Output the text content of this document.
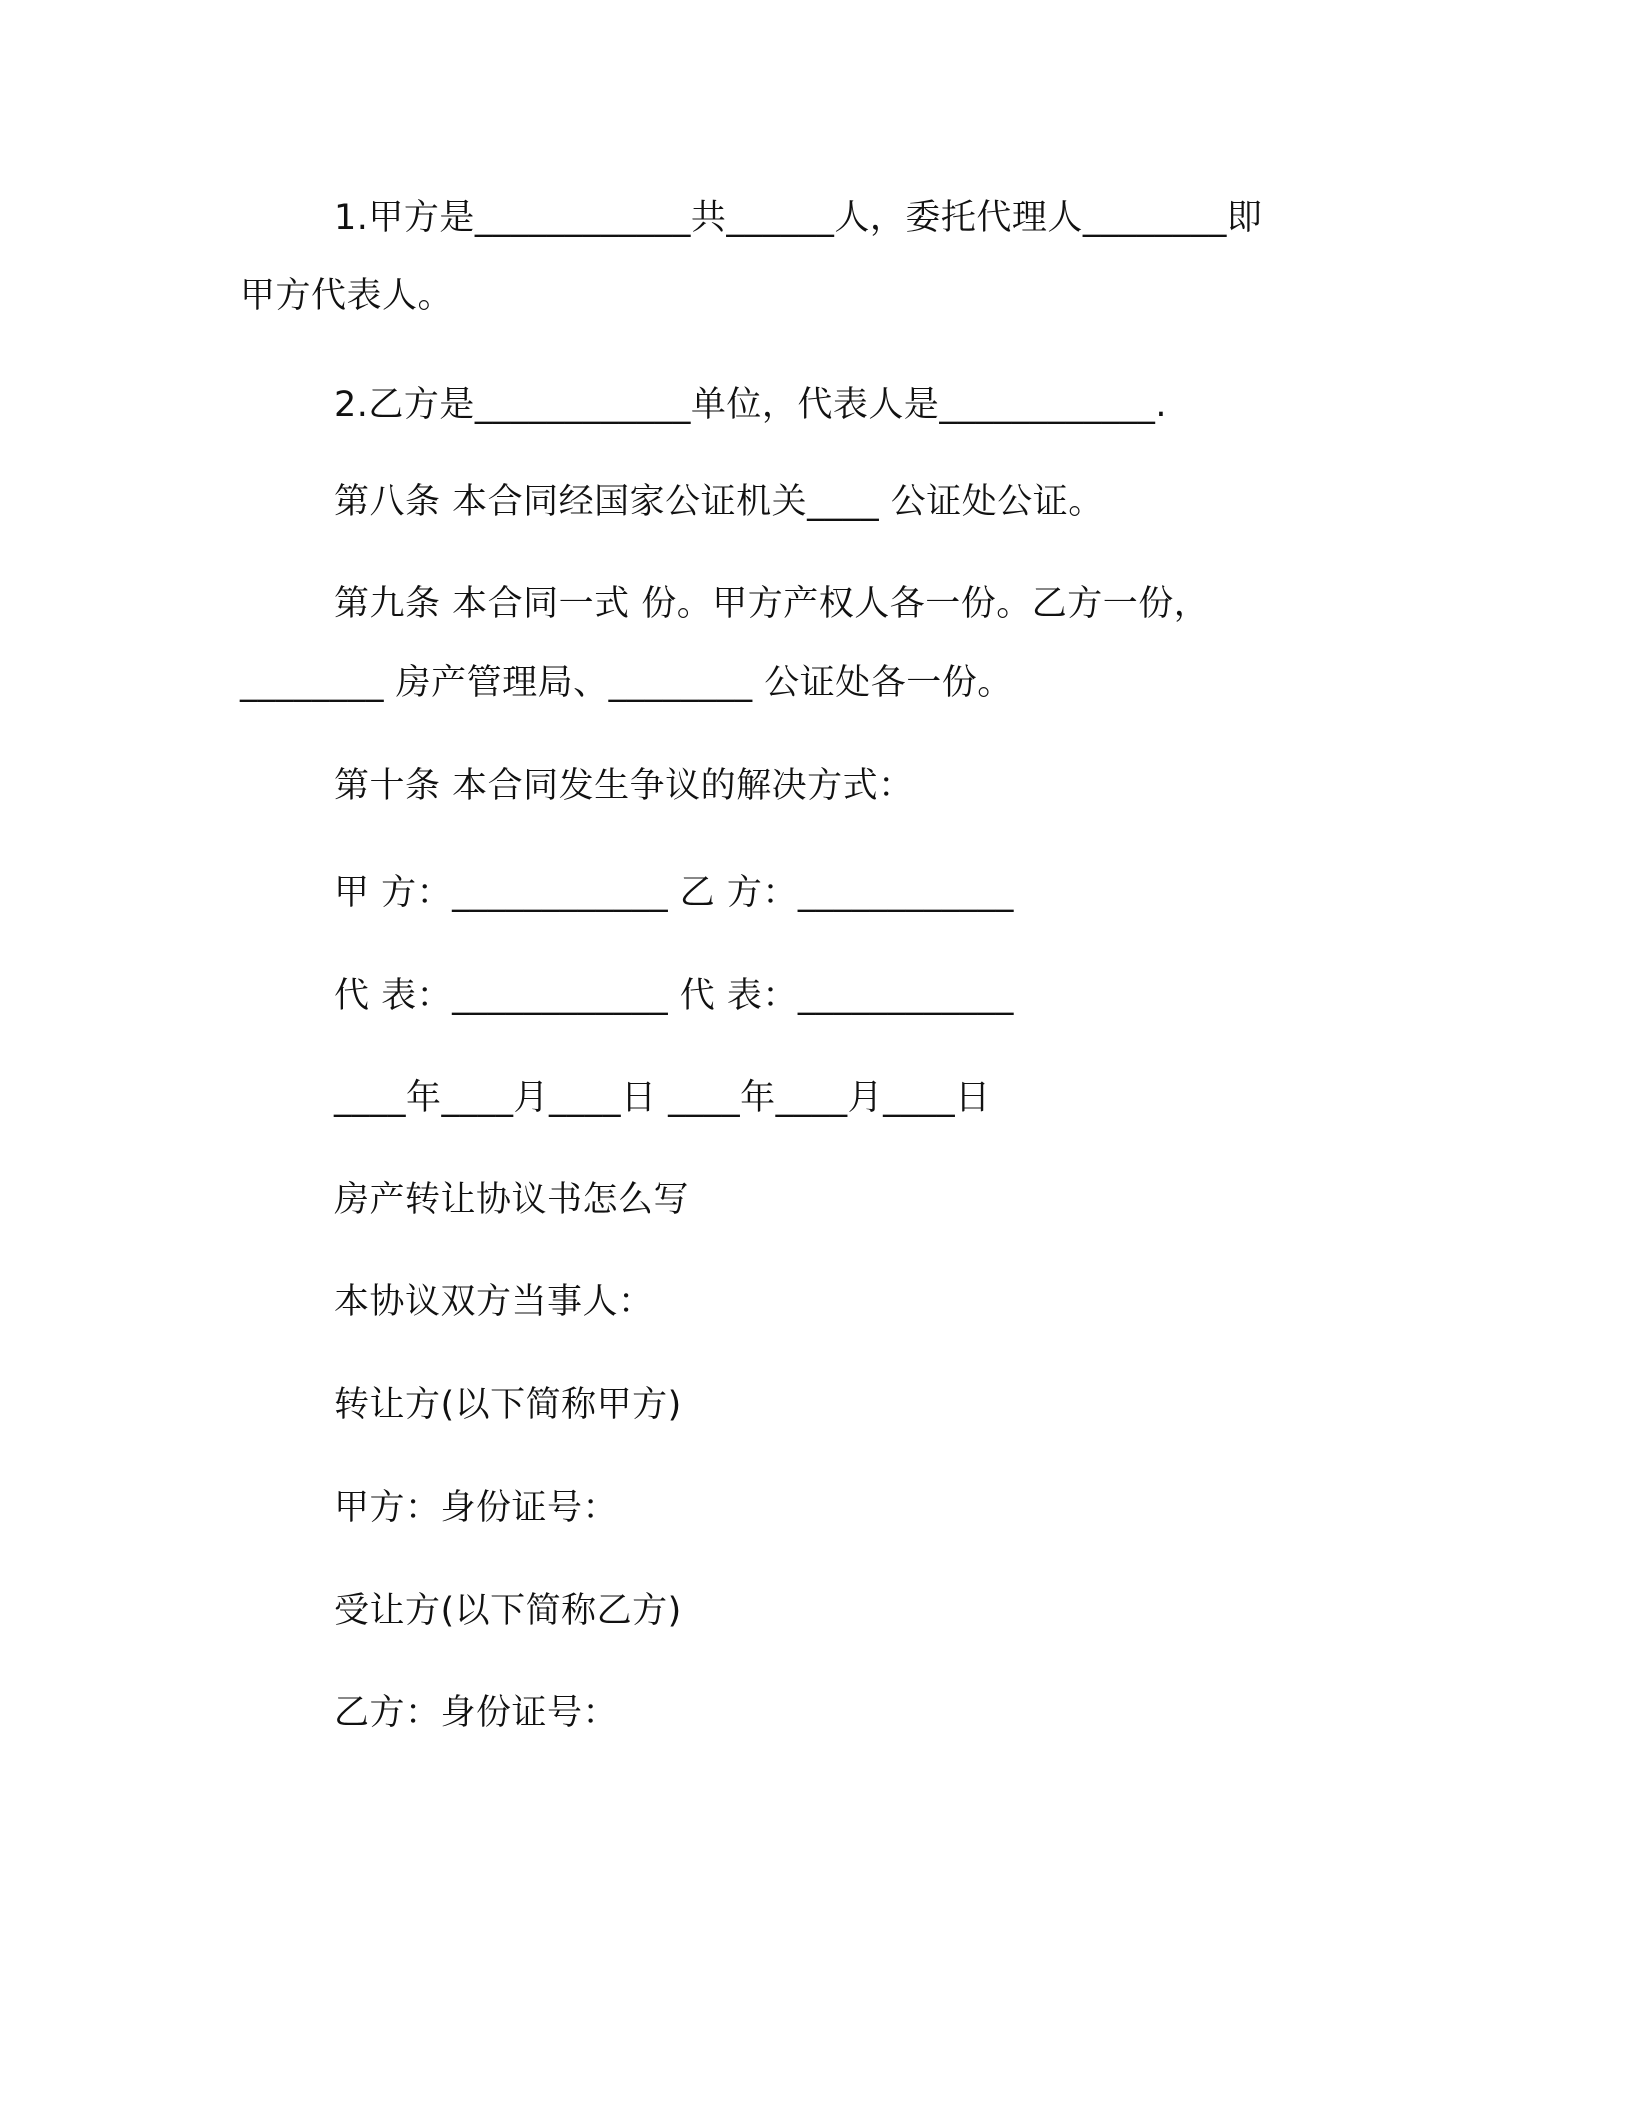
1.甲方是____________共______人，委托代理人________即
甲方代表人。
2.乙方是____________单位，代表人是____________.
第八条 本合同经国家公证机关____ 公证处公证。
第九条 本合同一式 份。甲方产权人各一份。乙方一份，
________ 房产管理局、________ 公证处各一份。
第十条 本合同发生争议的解决方式：
甲 方：____________ 乙 方：____________
代 表：____________ 代 表：____________
____年____月____日 ____年____月____日
房产转让协议书怎么写
本协议双方当事人：
转让方(以下简称甲方)
甲方：身份证号：
受让方(以下简称乙方)
乙方：身份证号：
